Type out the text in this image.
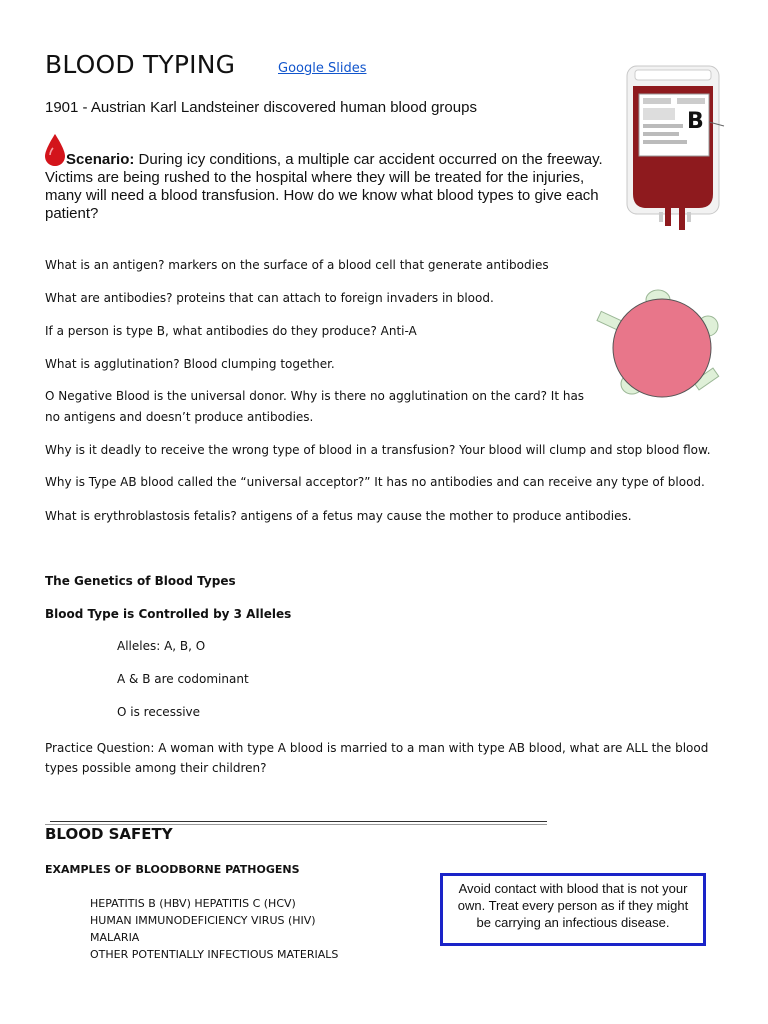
BLOOD TYPING	Google Slides
1901 - Austrian Karl Landsteiner discovered human blood groups
Scenario: During icy conditions, a multiple car accident occurred on the freeway. Victims are being rushed to the hospital where they will be treated for the injuries, many will need a blood transfusion. How do we know what blood types to give each patient?
B
What is an antigen? markers on the surface of a blood cell that generate antibodies
What are antibodies? proteins that can attach to foreign invaders in blood.
If a person is type B, what antibodies do they produce? Anti-A
What is agglutination? Blood clumping together.
O Negative Blood is the universal donor. Why is there no agglutination on the card? It has no antigens and doesn’t produce antibodies.
Why is it deadly to receive the wrong type of blood in a transfusion? Your blood will clump and stop blood flow.
Why is Type AB blood called the “universal acceptor?” It has no antibodies and can receive any type of blood.
What is erythroblastosis fetalis? antigens of a fetus may cause the mother to produce antibodies.
The Genetics of Blood Types
Blood Type is Controlled by 3 Alleles
Alleles: A, B, O
A & B are codominant
O is recessive
Practice Question: A woman with type A blood is married to a man with type AB blood, what are ALL the blood types possible among their children?
BLOOD SAFETY
EXAMPLES OF BLOODBORNE PATHOGENS
HEPATITIS B (HBV) HEPATITIS C (HCV)
HUMAN IMMUNODEFICIENCY VIRUS (HIV)
MALARIA
OTHER POTENTIALLY INFECTIOUS MATERIALS
Avoid contact with blood that is not your own. Treat every person as if they might be carrying an infectious disease.
